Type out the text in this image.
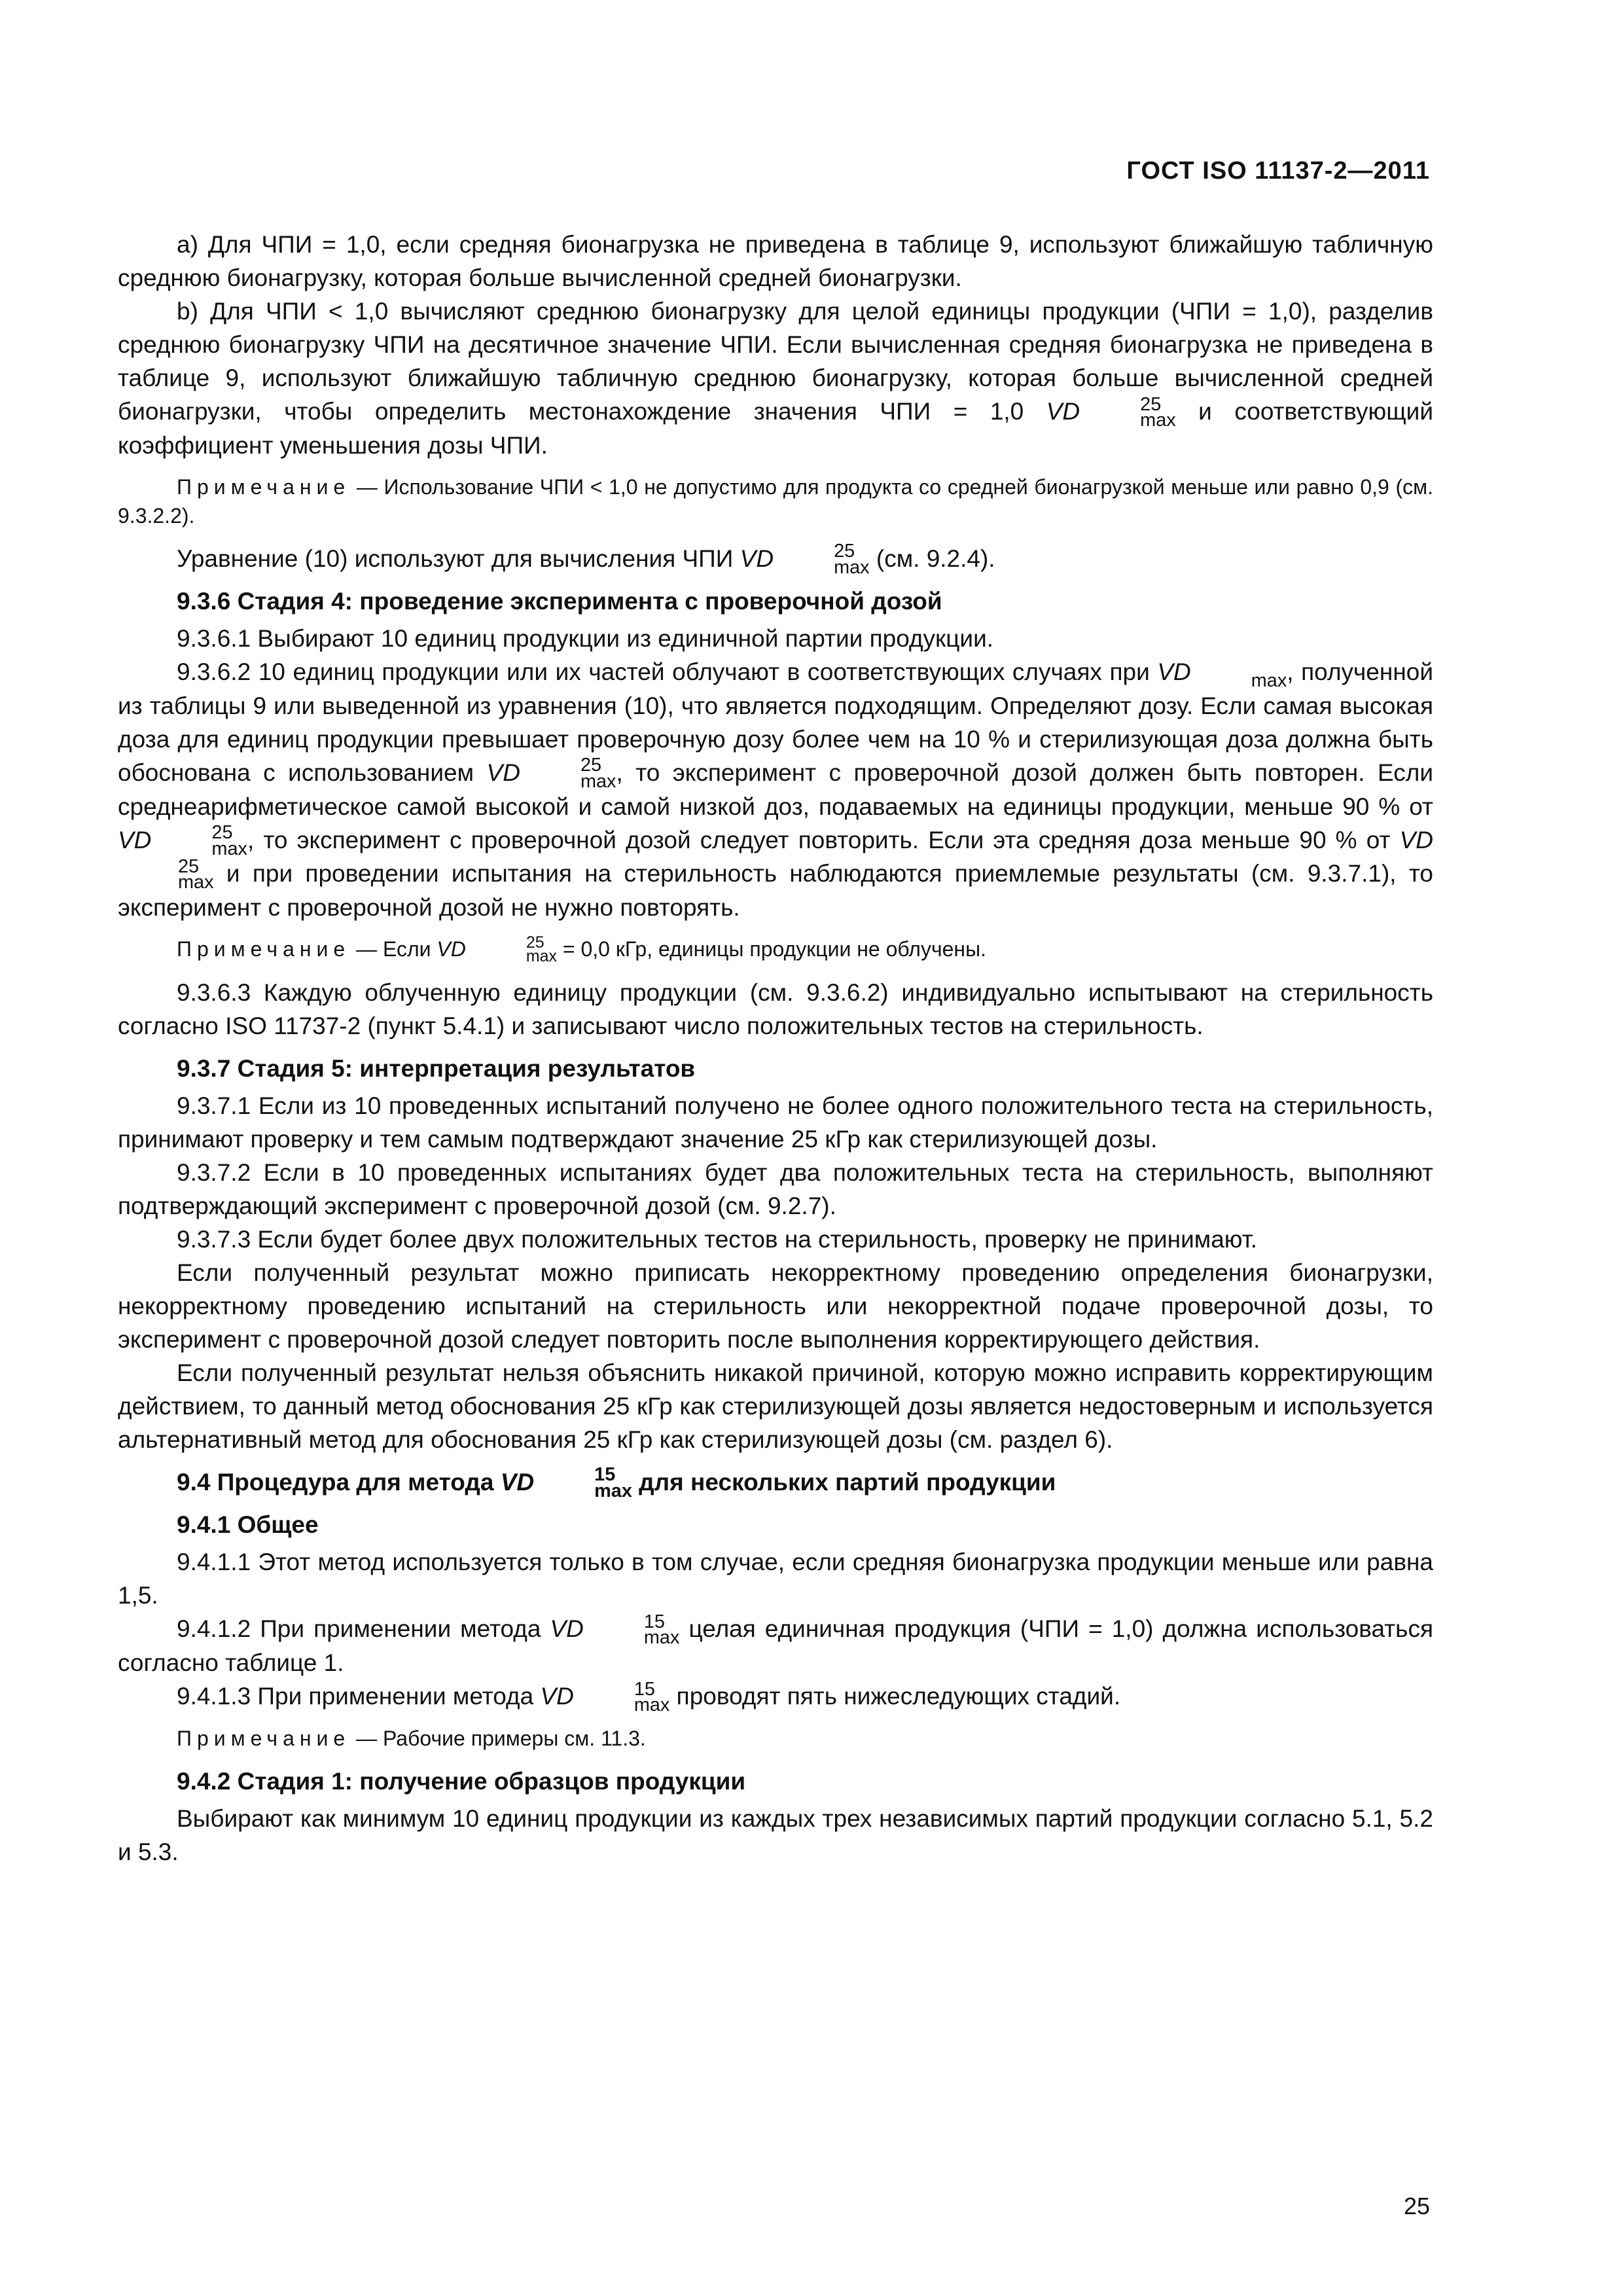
ГОСТ ISO 11137-2—2011

а) Для ЧПИ = 1,0, если средняя бионагрузка не приведена в таблице 9, используют ближайшую табличную среднюю бионагрузку, которая больше вычисленной средней бионагрузки.

b) Для ЧПИ < 1,0 вычисляют среднюю бионагрузку для целой единицы продукции (ЧПИ = 1,0), разделив среднюю бионагрузку ЧПИ на десятичное значение ЧПИ. Если вычисленная средняя бионагрузка не приведена в таблице 9, используют ближайшую табличную среднюю бионагрузку, которая больше вычисленной средней бионагрузки, чтобы определить местонахождение значения ЧПИ = 1,0 VD	25
max и соответствующий коэффициент уменьшения дозы ЧПИ.

Примечание — Использование ЧПИ < 1,0 не допустимо для продукта со средней бионагрузкой меньше или равно 0,9 (см. 9.3.2.2).

Уравнение (10) используют для вычисления ЧПИ VD	25
max (см. 9.2.4).

9.3.6 Стадия 4: проведение эксперимента с проверочной дозой

9.3.6.1 Выбирают 10 единиц продукции из единичной партии продукции.

9.3.6.2 10 единиц продукции или их частей облучают в соответствующих случаях при VD
	max , полученной из таблицы 9 или выведенной из уравнения (10), что является подходящим. Определяют дозу. Если самая высокая доза для единиц продукции превышает проверочную дозу более чем на 10 % и стерилизующая доза должна быть обоснована с использованием VD	25
max , то эксперимент с проверочной дозой должен быть повторен. Если среднеарифметическое самой высокой и самой низкой доз, подаваемых на единицы продукции, меньше 90 % от VD	25
max , то эксперимент с проверочной дозой следует повторить. Если эта средняя доза меньше 90 % от VD
25
max и при проведении испытания на стерильность наблюдаются приемлемые результаты (см. 9.3.7.1), то эксперимент с проверочной дозой не нужно повторять.

Примечание — Если VD	25
max = 0,0 кГр, единицы продукции не облучены.

9.3.6.3 Каждую облученную единицу продукции (см. 9.3.6.2) индивидуально испытывают на стерильность согласно ISO 11737-2 (пункт 5.4.1) и записывают число положительных тестов на стерильность.

9.3.7 Стадия 5: интерпретация результатов

9.3.7.1 Если из 10 проведенных испытаний получено не более одного положительного теста на стерильность, принимают проверку и тем самым подтверждают значение 25 кГр как стерилизующей дозы.

9.3.7.2 Если в 10 проведенных испытаниях будет два положительных теста на стерильность, выполняют подтверждающий эксперимент с проверочной дозой (см. 9.2.7).

9.3.7.3 Если будет более двух положительных тестов на стерильность, проверку не принимают.

Если полученный результат можно приписать некорректному проведению определения бионагрузки, некорректному проведению испытаний на стерильность или некорректной подаче проверочной дозы, то эксперимент с проверочной дозой следует повторить после выполнения корректирующего действия.

Если полученный результат нельзя объяснить никакой причиной, которую можно исправить корректирующим действием, то данный метод обоснования 25 кГр как стерилизующей дозы является недостоверным и используется альтернативный метод для обоснования 25 кГр как стерилизующей дозы (см. раздел 6).

9.4 Процедура для метода VD	15
max для нескольких партий продукции

9.4.1 Общее

9.4.1.1 Этот метод используется только в том случае, если средняя бионагрузка продукции меньше или равна 1,5.

9.4.1.2 При применении метода VD	15
max целая единичная продукция (ЧПИ = 1,0) должна использоваться согласно таблице 1.

9.4.1.3 При применении метода VD	15
max проводят пять нижеследующих стадий.

Примечание — Рабочие примеры см. 11.3.

9.4.2 Стадия 1: получение образцов продукции

Выбирают как минимум 10 единиц продукции из каждых трех независимых партий продукции согласно 5.1, 5.2 и 5.3.

25
